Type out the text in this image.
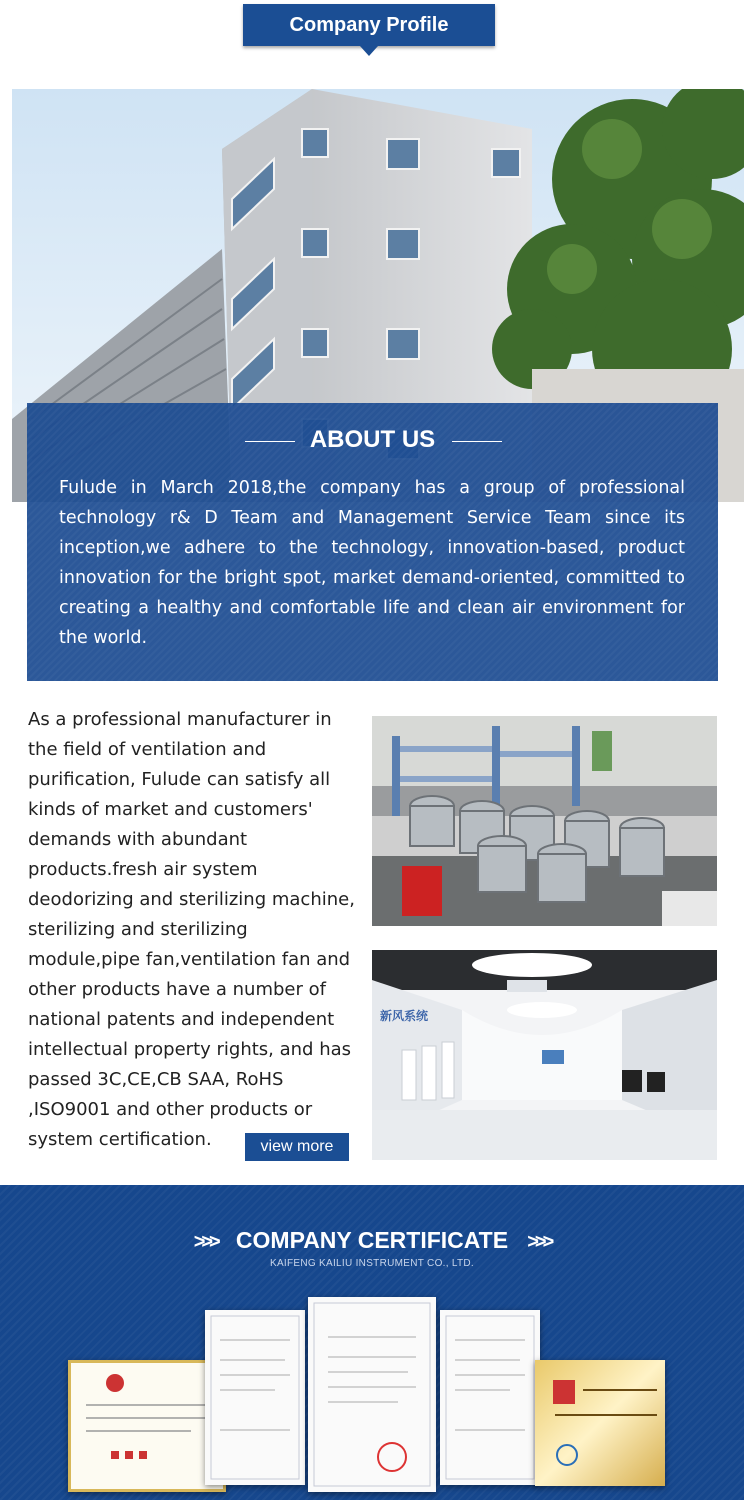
Company Profile
ABOUT US
Fulude in March 2018,the company has a group of professional technology r& D Team and Management Service Team since its inception,we adhere to the technology, innovation-based, product innovation for the bright spot, market demand-oriented, committed to creating a healthy and comfortable life and clean air environment for the world.
As a professional manufacturer in the field of ventilation and purification, Fulude can satisfy all kinds of market and customers' demands with abundant products.fresh air system deodorizing and sterilizing machine, sterilizing and sterilizing module,pipe fan,ventilation fan and other products have a number of national patents and independent intellectual property rights, and has passed 3C,CE,CB SAA, RoHS ,ISO9001 and other products or system certification.	view more
新风系统
>>> COMPANY CERTIFICATE >>>
KAIFENG KAILIU INSTRUMENT CO., LTD.
